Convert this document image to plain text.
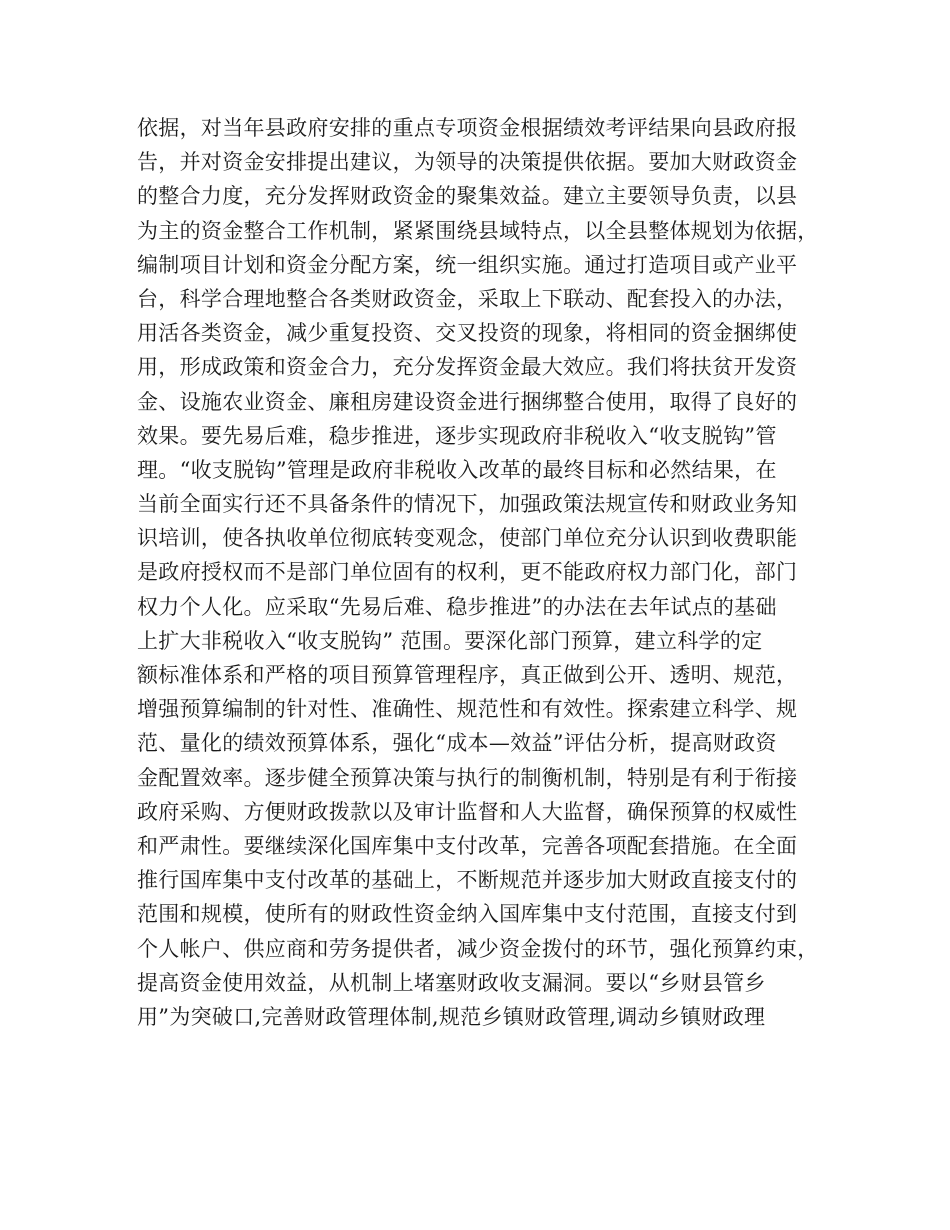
依据，对当年县政府安排的重点专项资金根据绩效考评结果向县政府报
告，并对资金安排提出建议，为领导的决策提供依据。要加大财政资金
的整合力度，充分发挥财政资金的聚集效益。建立主要领导负责，以县
为主的资金整合工作机制，紧紧围绕县域特点，以全县整体规划为依据，
编制项目计划和资金分配方案，统一组织实施。通过打造项目或产业平
台，科学合理地整合各类财政资金，采取上下联动、配套投入的办法，
用活各类资金，减少重复投资、交叉投资的现象，将相同的资金捆绑使
用，形成政策和资金合力，充分发挥资金最大效应。我们将扶贫开发资
金、设施农业资金、廉租房建设资金进行捆绑整合使用，取得了良好的
效果。要先易后难，稳步推进，逐步实现政府非税收入“收支脱钩”管
理。“收支脱钩”管理是政府非税收入改革的最终目标和必然结果，在
当前全面实行还不具备条件的情况下，加强政策法规宣传和财政业务知
识培训，使各执收单位彻底转变观念，使部门单位充分认识到收费职能
是政府授权而不是部门单位固有的权利，更不能政府权力部门化，部门
权力个人化。应采取“先易后难、稳步推进”的办法在去年试点的基础
上扩大非税收入“收支脱钩” 范围。要深化部门预算，建立科学的定
额标准体系和严格的项目预算管理程序，真正做到公开、透明、规范，
增强预算编制的针对性、准确性、规范性和有效性。探索建立科学、规
范、量化的绩效预算体系，强化“成本—效益”评估分析，提高财政资
金配置效率。逐步健全预算决策与执行的制衡机制，特别是有利于衔接
政府采购、方便财政拨款以及审计监督和人大监督，确保预算的权威性
和严肃性。要继续深化国库集中支付改革，完善各项配套措施。在全面
推行国库集中支付改革的基础上，不断规范并逐步加大财政直接支付的
范围和规模，使所有的财政性资金纳入国库集中支付范围，直接支付到
个人帐户、供应商和劳务提供者，减少资金拨付的环节，强化预算约束，
提高资金使用效益，从机制上堵塞财政收支漏洞。要以“乡财县管乡
用”为突破口,完善财政管理体制,规范乡镇财政管理,调动乡镇财政理
